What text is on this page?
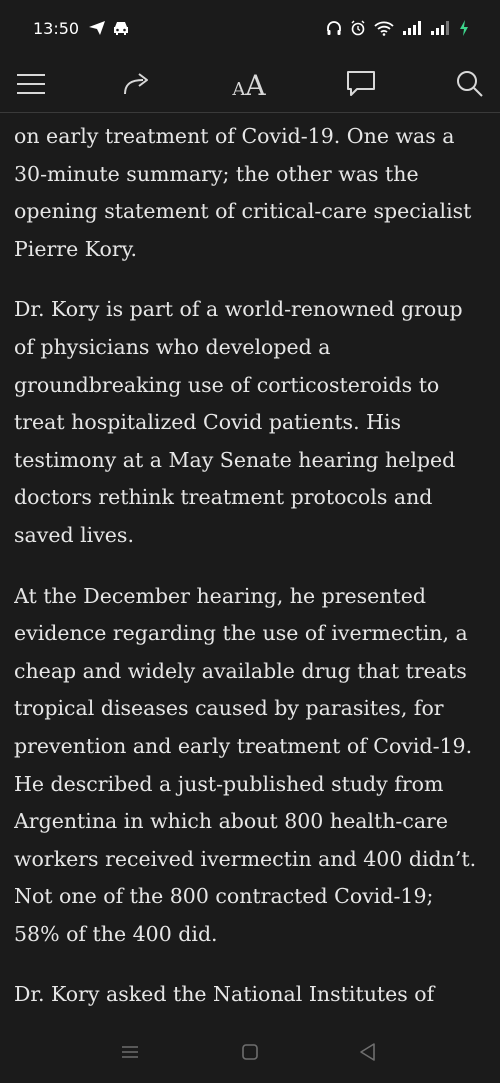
13:50
AA

on early treatment of Covid-19. One was a
30-minute summary; the other was the
opening statement of critical-care specialist
Pierre Kory.

Dr. Kory is part of a world-renowned group
of physicians who developed a
groundbreaking use of corticosteroids to
treat hospitalized Covid patients. His
testimony at a May Senate hearing helped
doctors rethink treatment protocols and
saved lives.

At the December hearing, he presented
evidence regarding the use of ivermectin, a
cheap and widely available drug that treats
tropical diseases caused by parasites, for
prevention and early treatment of Covid-19.
He described a just-published study from
Argentina in which about 800 health-care
workers received ivermectin and 400 didn’t.
Not one of the 800 contracted Covid-19;
58% of the 400 did.

Dr. Kory asked the National Institutes of
